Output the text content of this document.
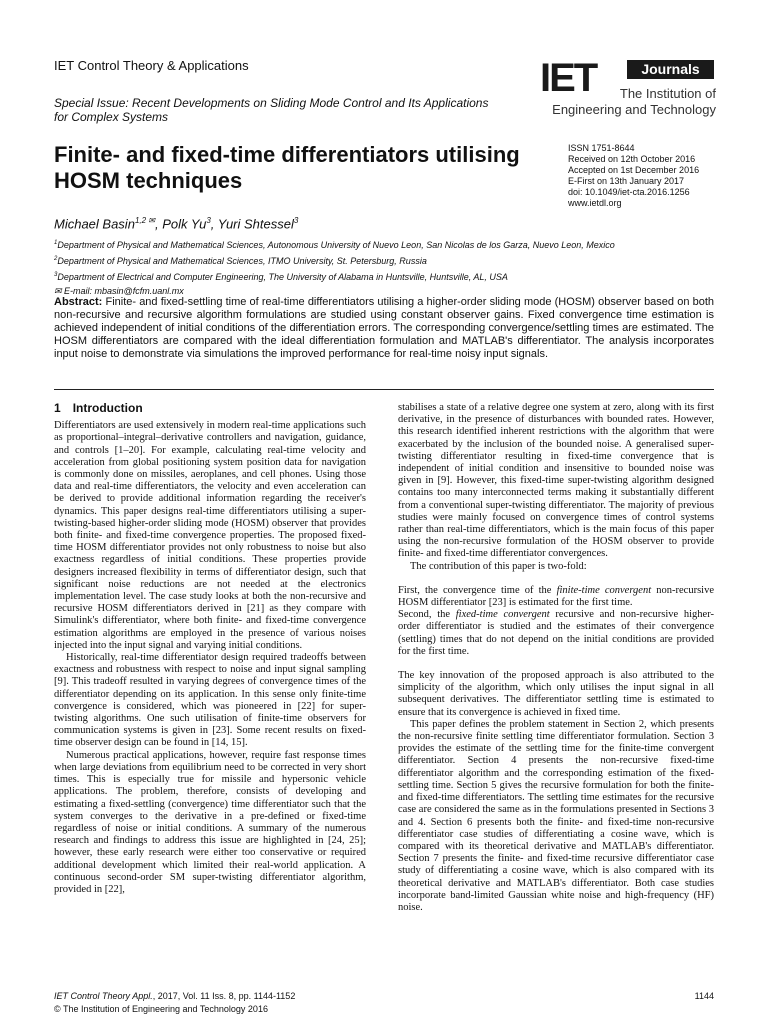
IET Control Theory & Applications
Special Issue: Recent Developments on Sliding Mode Control and Its Applications for Complex Systems
IET	Journals
The Institution of
Engineering and Technology
Finite- and fixed-time differentiators utilising HOSM techniques
ISSN 1751-8644
Received on 12th October 2016
Accepted on 1st December 2016
E-First on 13th January 2017
doi: 10.1049/iet-cta.2016.1256
www.ietdl.org
Michael Basin$^{1,2 ✉}$, Polk Yu$^3$, Yuri Shtessel$^3$
$^1$Department of Physical and Mathematical Sciences, Autonomous University of Nuevo Leon, San Nicolas de los Garza, Nuevo Leon, Mexico
$^2$Department of Physical and Mathematical Sciences, ITMO University, St. Petersburg, Russia
$^3$Department of Electrical and Computer Engineering, The University of Alabama in Huntsville, Huntsville, AL, USA
✉ E-mail: mbasin@fcfm.uanl.mx
Abstract: Finite- and fixed-settling time of real-time differentiators utilising a higher-order sliding mode (HOSM) observer based on both non-recursive and recursive algorithm formulations are studied using constant observer gains. Fixed convergence time estimation is achieved independent of initial conditions of the differentiation errors. The corresponding convergence/settling times are estimated. The HOSM differentiators are compared with the ideal differentiation formulation and MATLAB's differentiator. The analysis incorporates input noise to demonstrate via simulations the improved performance for real-time noisy input signals.

1 Introduction

Differentiators are used extensively in modern real-time applications such as proportional–integral–derivative controllers and navigation, guidance, and controls [1–20]. For example, calculating real-time velocity and acceleration from global positioning system position data for navigation is commonly done on missiles, aeroplanes, and cell phones. Using those data and real-time differentiators, the velocity and even acceleration can be derived to provide additional information regarding the receiver's dynamics. This paper designs real-time differentiators utilising a super-twisting-based higher-order sliding mode (HOSM) observer that provides both finite- and fixed-time convergence properties. The proposed fixed-time HOSM differentiator provides not only robustness to noise but also exactness regardless of initial conditions. These properties provide designers increased flexibility in terms of differentiator design, such that significant noise reductions are not needed at the electronics implementation level. The case study looks at both the non-recursive and recursive HOSM differentiators derived in [21] as they compare with Simulink's differentiator, where both finite- and fixed-time convergence estimation algorithms are employed in the presence of various noises injected into the input signal and varying initial conditions.

Historically, real-time differentiator design required tradeoffs between exactness and robustness with respect to noise and input signal sampling [9]. This tradeoff resulted in varying degrees of convergence times of the differentiator depending on its application. In this sense only finite-time convergence is considered, which was pioneered in [22] for super-twisting algorithms. One such utilisation of finite-time observers for communication systems is given in [23]. Some recent results on fixed-time observer design can be found in [14, 15].

Numerous practical applications, however, require fast response times when large deviations from equilibrium need to be corrected in very short times. This is especially true for missile and hypersonic vehicle applications. The problem, therefore, consists of developing and estimating a fixed-settling (convergence) time differentiator such that the system converges to the derivative in a pre-defined or fixed-time regardless of noise or initial conditions. A summary of the numerous research and findings to address this issue are highlighted in [24, 25]; however, these early research were either too conservative or required additional development which limited their real-world application. A continuous second-order SM super-twisting differentiator algorithm, provided in [22],

stabilises a state of a relative degree one system at zero, along with its first derivative, in the presence of disturbances with bounded rates. However, this research identified inherent restrictions with the algorithm that were exacerbated by the inclusion of the bounded noise. A generalised super-twisting differentiator resulting in fixed-time convergence that is independent of initial condition and insensitive to bounded noise was given in [9]. However, this fixed-time super-twisting algorithm designed contains too many interconnected terms making it substantially different from a conventional super-twisting differentiator. The majority of previous studies were mainly focused on convergence times of control systems rather than real-time differentiators, which is the main focus of this paper using the non-recursive formulation of the HOSM observer to provide finite- and fixed-time differentiator convergences.

The contribution of this paper is two-fold:

First, the convergence time of the finite-time convergent non-recursive HOSM differentiator [23] is estimated for the first time.

Second, the fixed-time convergent recursive and non-recursive higher-order differentiator is studied and the estimates of their convergence (settling) times that do not depend on the initial conditions are provided for the first time.

The key innovation of the proposed approach is also attributed to the simplicity of the algorithm, which only utilises the input signal in all subsequent derivatives. The differentiator settling time is estimated to ensure that its convergence is achieved in fixed time.

This paper defines the problem statement in Section 2, which presents the non-recursive finite settling time differentiator formulation. Section 3 provides the estimate of the settling time for the finite-time convergent differentiator. Section 4 presents the non-recursive fixed-time differentiator algorithm and the corresponding estimation of the fixed-settling time. Section 5 gives the recursive formulation for both the finite- and fixed-time differentiators. The settling time estimates for the recursive case are considered the same as in the formulations presented in Sections 3 and 4. Section 6 presents both the finite- and fixed-time non-recursive differentiator case studies of differentiating a cosine wave, which is compared with its theoretical derivative and MATLAB's differentiator. Section 7 presents the finite- and fixed-time recursive differentiator case study of differentiating a cosine wave, which is also compared with its theoretical derivative and MATLAB's differentiator. Both case studies incorporate band-limited Gaussian white noise and high-frequency (HF) noise.

IET Control Theory Appl., 2017, Vol. 11 Iss. 8, pp. 1144-1152
© The Institution of Engineering and Technology 2016
1144
